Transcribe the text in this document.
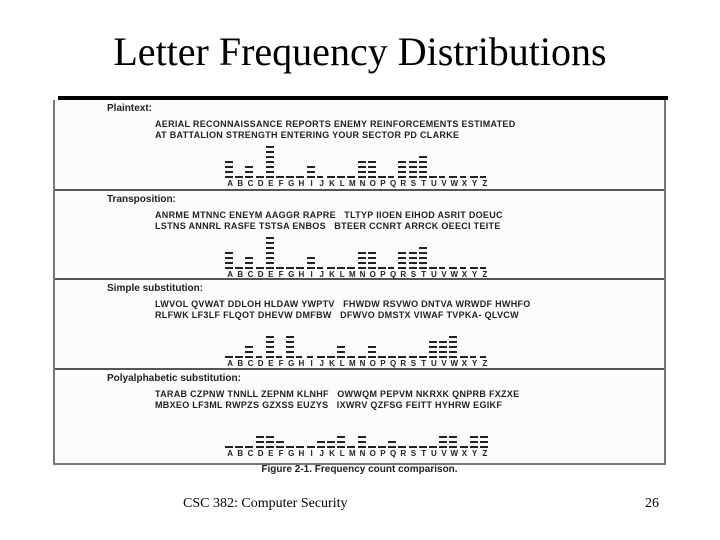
Letter Frequency Distributions
Plaintext:
AERIAL RECONNAISSANCE REPORTS ENEMY REINFORCEMENTS ESTIMATED
AT BATTALION STRENGTH ENTERING YOUR SECTOR PD CLARKE
A B C D E F G H I J K L M N O P Q R S T U V W X Y Z
Transposition:
ANRME MTNNC ENEYM AAGGR RAPRE   TLTYP IIOEN EIHOD ASRIT DOEUC
LSTNS ANNRL RASFE TSTSA ENBOS   BTEER CCNRT ARRCK OEECI TEITE
A B C D E F G H I J K L M N O P Q R S T U V W X Y Z
Simple substitution:
LWVOL QVWAT DDLOH HLDAW YWPTV   FHWDW RSVWO DNTVA WRWDF HWHFO
RLFWK LF3LF FLQOT DHEVW DMFBW   DFWVO DMSTX VIWAF TVPKA- QLVCW
A B C D E F G H I J K L M N O P Q R S T U V W X Y Z
Polyalphabetic substitution:
TARAB CZPNW TNNLL ZEPNM KLNHF   OWWQM PEPVM NKRXK QNPRB FXZXE
MBXEO LF3ML RWPZS GZXSS EUZYS   IXWRV QZFSG FEITT HYHRW EGIKF
A B C D E F G H I J K L M N O P Q R S T U V W X Y Z
Figure 2-1. Frequency count comparison.
CSC 382: Computer Security	26
